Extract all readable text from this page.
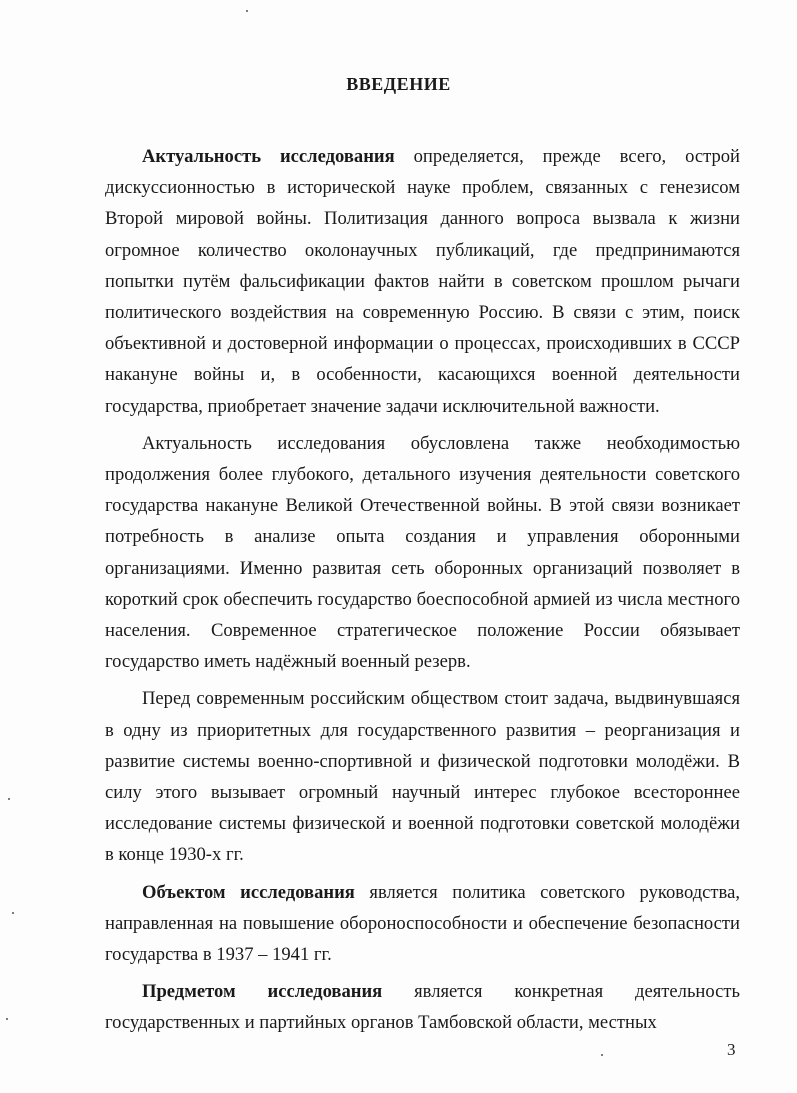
ВВЕДЕНИЕ

Актуальность исследования определяется, прежде всего, острой дискуссионностью в исторической науке проблем, связанных с генезисом Второй мировой войны. Политизация данного вопроса вызвала к жизни огромное количество околонаучных публикаций, где предпринимаются попытки путём фальсификации фактов найти в советском прошлом рычаги политического воздействия на современную Россию. В связи с этим, поиск объективной и достоверной информации о процессах, происходивших в СССР накануне войны и, в особенности, касающихся военной деятельности государства, приобретает значение задачи исключительной важности.

Актуальность исследования обусловлена также необходимостью продолжения более глубокого, детального изучения деятельности советского государства накануне Великой Отечественной войны. В этой связи возникает потребность в анализе опыта создания и управления оборонными организациями. Именно развитая сеть оборонных организаций позволяет в короткий срок обеспечить государство боеспособной армией из числа местного населения. Современное стратегическое положение России обязывает государство иметь надёжный военный резерв.

Перед современным российским обществом стоит задача, выдвинувшаяся в одну из приоритетных для государственного развития – реорганизация и развитие системы военно-спортивной и физической подготовки молодёжи. В силу этого вызывает огромный научный интерес глубокое всестороннее исследование системы физической и военной подготовки советской молодёжи в конце 1930-х гг.

Объектом исследования является политика советского руководства, направленная на повышение обороноспособности и обеспечение безопасности государства в 1937 – 1941 гг.

Предметом исследования является конкретная деятельность государственных и партийных органов Тамбовской области, местных

3
